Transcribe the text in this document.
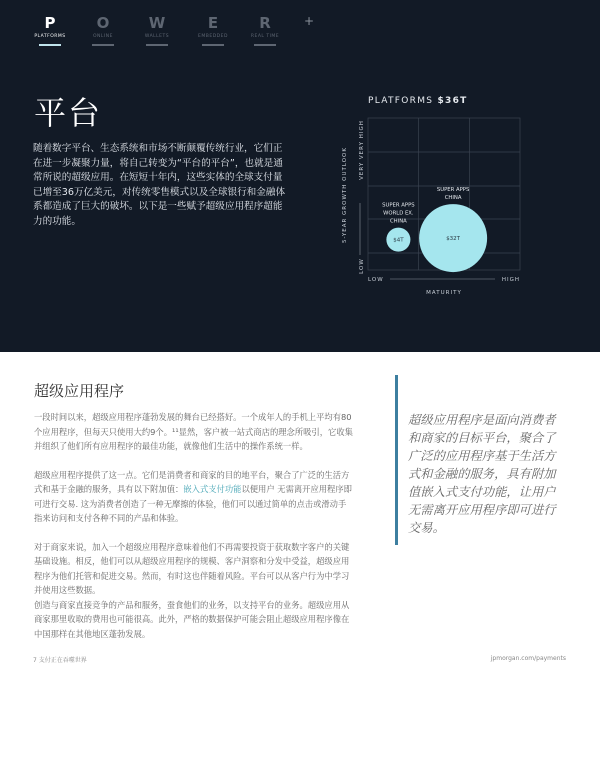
P
PLATFORMS
O
ONLINE
W
WALLETS
E
EMBEDDED
R
REAL TIME
+
平台
随着数字平台、生态系统和市场不断颠覆传统行业，它们正在进一步凝聚力量，将自己转变为“平台的平台”，也就是通常所说的超级应用。在短短十年内，这些实体的全球支付量已增至36万亿美元，对传统零售模式以及全球银行和金融体系都造成了巨大的破坏。以下是一些赋予超级应用程序超能力的功能。
PLATFORMS $36T
$4T
SUPER APPS
WORLD EX.
CHINA
$32T
SUPER APPS
CHINA
5-YEAR GROWTH OUTLOOK VERY VERY HIGH
LOW
LOW	HIGH
MATURITY
超级应用程序

一段时间以来，超级应用程序蓬勃发展的舞台已经搭好。一个成年人的手机上平均有80个应用程序，但每天只使用大约9个。¹¹显然，客户被一站式商店的理念所吸引，它收集并组织了他们所有应用程序的最佳功能，就像他们生活中的操作系统一样。

超级应用程序提供了这一点。它们是消费者和商家的目的地平台，聚合了广泛的生活方式和基于金融的服务，具有以下附加值：嵌入式支付功能以便用户 无需离开应用程序即可进行交易. 这为消费者创造了一种无摩擦的体验，他们可以通过简单的点击或滑动手指来访问和支付各种不同的产品和体验。

对于商家来说，加入一个超级应用程序意味着他们不再需要投资于获取数字客户的关键基础设施。相反，他们可以从超级应用程序的规模、客户洞察和分发中受益，超级应用程序为他们托管和促进交易。然而，有时这也伴随着风险。平台可以从客户行为中学习并使用这些数据。

创造与商家直接竞争的产品和服务，蚕食他们的业务，以支持平台的业务。超级应用从商家那里收取的费用也可能很高。此外，严格的数据保护可能会阻止超级应用程序像在中国那样在其他地区蓬勃发展。

超级应用程序是面向消费者和商家的目标平台，聚合了广泛的应用程序基于生活方式和金融的服务，具有附加值嵌入式支付功能，让用户无需离开应用程序即可进行交易。
7 支付正在吞噬世界	jpmorgan.com/payments
